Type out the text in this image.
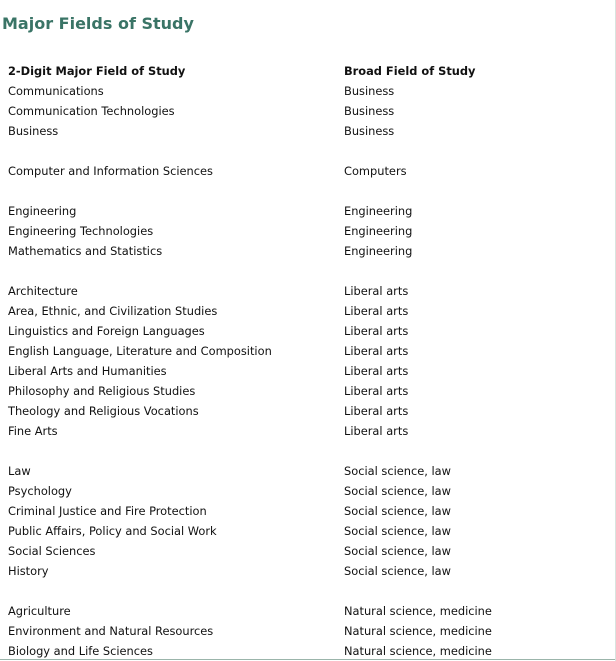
Major Fields of Study
2-Digit Major Field of Study	Broad Field of Study
Communications	Business
Communication Technologies	Business
Business	Business
Computer and Information Sciences	Computers
Engineering	Engineering
Engineering Technologies	Engineering
Mathematics and Statistics	Engineering
Architecture	Liberal arts
Area, Ethnic, and Civilization Studies	Liberal arts
Linguistics and Foreign Languages	Liberal arts
English Language, Literature and Composition	Liberal arts
Liberal Arts and Humanities	Liberal arts
Philosophy and Religious Studies	Liberal arts
Theology and Religious Vocations	Liberal arts
Fine Arts	Liberal arts
Law	Social science, law
Psychology	Social science, law
Criminal Justice and Fire Protection	Social science, law
Public Affairs, Policy and Social Work	Social science, law
Social Sciences	Social science, law
History	Social science, law
Agriculture	Natural science, medicine
Environment and Natural Resources	Natural science, medicine
Biology and Life Sciences	Natural science, medicine
